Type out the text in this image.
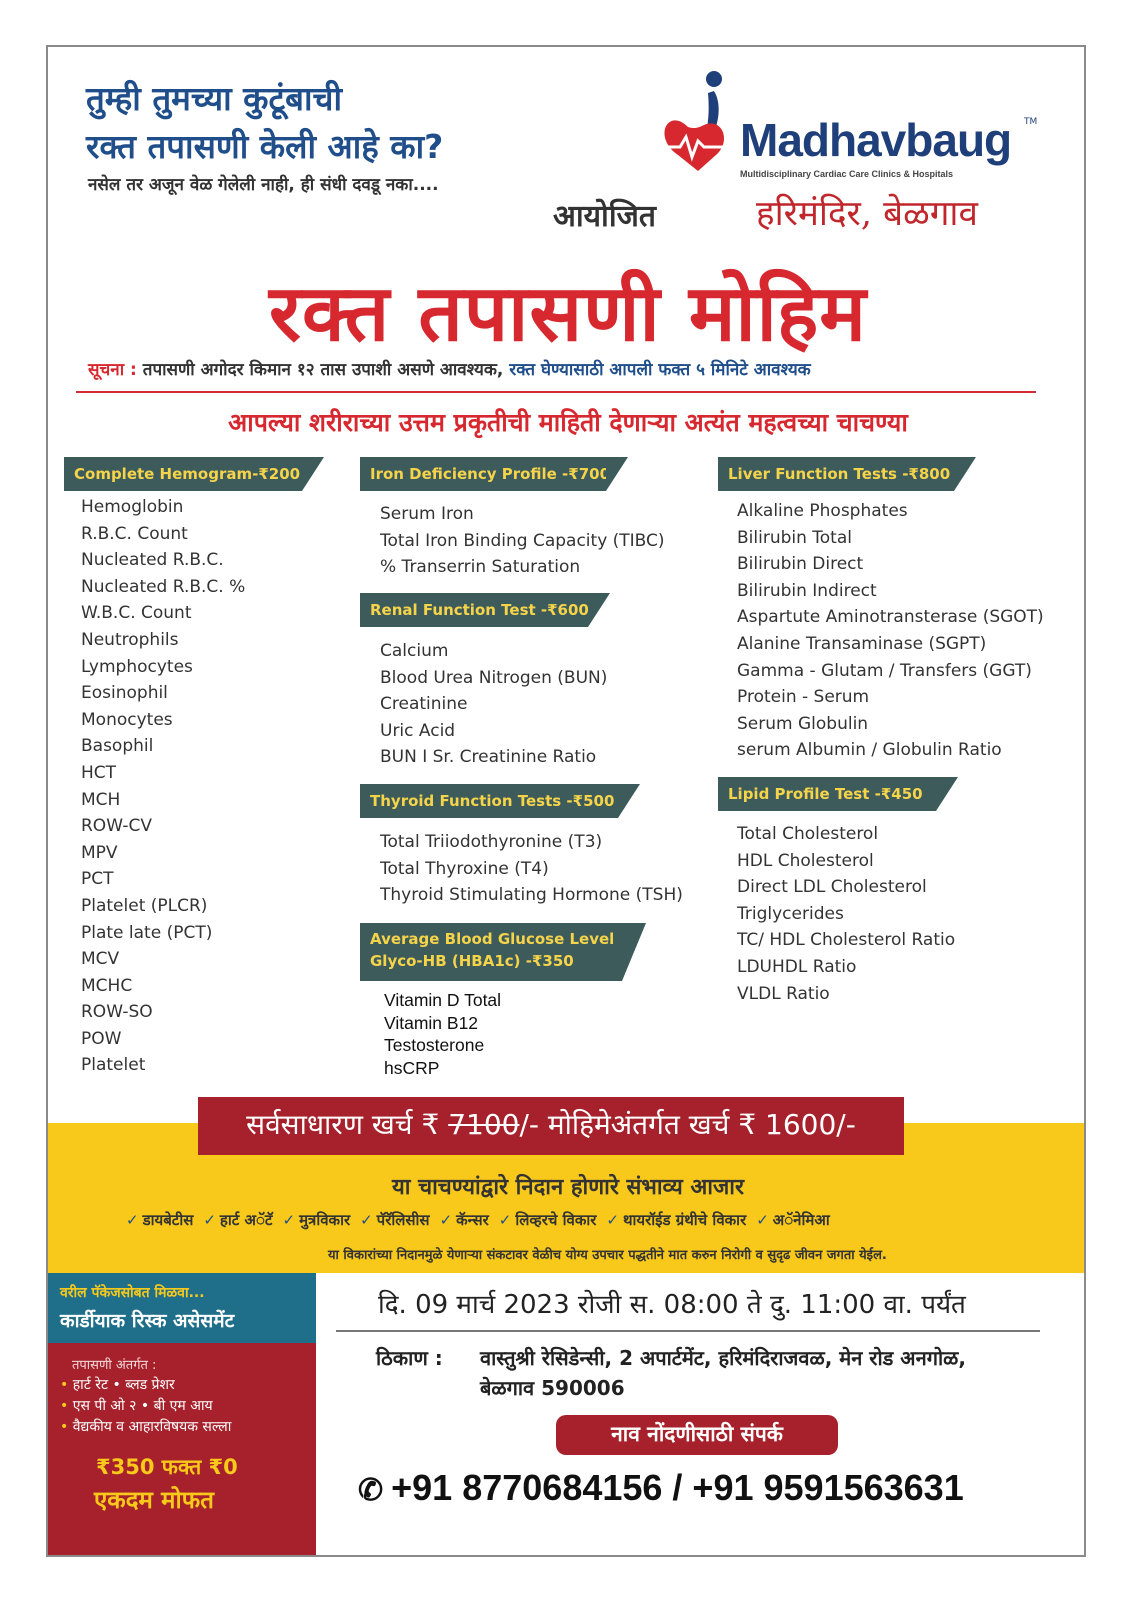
तुम्ही तुमच्या कुटूंबाची
रक्त तपासणी केली आहे का?
नसेल तर अजून वेळ गेलेली नाही, ही संधी दवडू नका....
आयोजित
Madhavbaug TM
Multidisciplinary Cardiac Care Clinics & Hospitals
हरिमंदिर, बेळगाव
रक्त तपासणी मोहिम
सूचना : तपासणी अगोदर किमान १२ तास उपाशी असणे आवश्यक, रक्त घेण्यासाठी आपली फक्त ५ मिनिटे आवश्यक
आपल्या शरीराच्या उत्तम प्रकृतीची माहिती देणाऱ्या अत्यंत महत्वच्या चाचण्या
Complete Hemogram-₹200
Hemoglobin
R.B.C. Count
Nucleated R.B.C.
Nucleated R.B.C. %
W.B.C. Count
Neutrophils
Lymphocytes
Eosinophil
Monocytes
Basophil
HCT
MCH
ROW-CV
MPV
PCT
Platelet (PLCR)
Plate late (PCT)
MCV
MCHC
ROW-SO
POW
Platelet
Iron Deficiency Profile -₹700
Serum Iron
Total Iron Binding Capacity (TIBC)
% Transerrin Saturation
Renal Function Test -₹600
Calcium
Blood Urea Nitrogen (BUN)
Creatinine
Uric Acid
BUN I Sr. Creatinine Ratio
Thyroid Function Tests -₹500
Total Triiodothyronine (T3)
Total Thyroxine (T4)
Thyroid Stimulating Hormone (TSH)
Average Blood Glucose Level
Glyco-HB (HBA1c) -₹350
Vitamin D Total
Vitamin B12
Testosterone
hsCRP
Liver Function Tests -₹800
Alkaline Phosphates
Bilirubin Total
Bilirubin Direct
Bilirubin Indirect
Aspartute Aminotransterase (SGOT)
Alanine Transaminase (SGPT)
Gamma - Glutam / Transfers (GGT)
Protein - Serum
Serum Globulin
serum Albumin / Globulin Ratio
Lipid Profile Test -₹450
Total Cholesterol
HDL Cholesterol
Direct LDL Cholesterol
Triglycerides
TC/ HDL Cholesterol Ratio
LDUHDL Ratio
VLDL Ratio
सर्वसाधारण खर्च ₹ 7100/- मोहिमेअंतर्गत खर्च ₹ 1600/-
या चाचण्यांद्वारे निदान होणारे संभाव्य आजार
✓ डायबेटीस ✓ हार्ट अॅटॅ ✓ मुत्रविकार ✓ पॅरॅलिसीस ✓ कॅन्सर ✓ लिव्हरचे विकार ✓ थायरॉईड ग्रंथीचे विकार ✓ अॅनेमिआ
या विकारांच्या निदानमुळे येणाऱ्या संकटावर वेळीच योग्य उपचार पद्धतीने मात करुन निरोगी व सुदृढ जीवन जगता येईल.
वरील पॅकेजसोबत मिळवा...
कार्डीयाक रिस्क असेसमेंट
तपासणी अंतर्गत :
• हार्ट रेट • ब्लड प्रेशर
• एस पी ओ २ • बी एम आय
• वैद्यकीय व आहारविषयक सल्ला
₹350 फक्त ₹0
एकदम मोफत
दि. 09 मार्च 2023 रोजी स. 08:00 ते दु. 11:00 वा. पर्यंत
ठिकाण : वास्तुश्री रेसिडेन्सी, 2 अपार्टमेंट, हरिमंदिराजवळ, मेन रोड अनगोळ, बेळगाव 590006
नाव नोंदणीसाठी संपर्क
✆ +91 8770684156 / +91 9591563631
